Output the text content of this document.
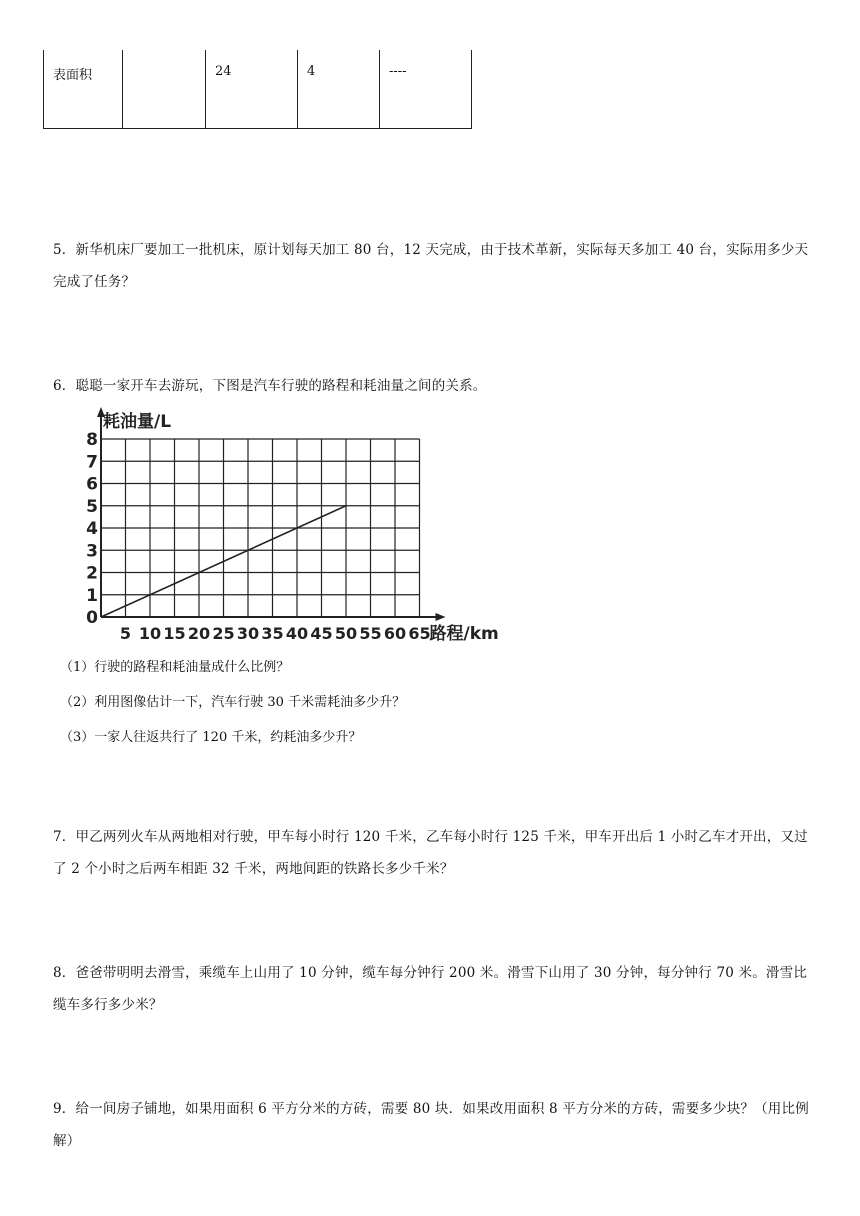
表面积		24	4	----
5．新华机床厂要加工一批机床，原计划每天加工 80 台，12 天完成，由于技术革新，实际每天多加工 40 台，实际用多少天完成了任务？
6．聪聪一家开车去游玩，下图是汽车行驶的路程和耗油量之间的关系。
0
1
2
3
4
5
6
7
8
5 10 15 20 25 30 35 40 45 50 55 60 65
耗油量/L
路程/km
（1）行驶的路程和耗油量成什么比例？
（2）利用图像估计一下，汽车行驶 30 千米需耗油多少升？
（3）一家人往返共行了 120 千米，约耗油多少升？
7．甲乙两列火车从两地相对行驶，甲车每小时行 120 千米，乙车每小时行 125 千米，甲车开出后 1 小时乙车才开出，又过了 2 个小时之后两车相距 32 千米，两地间距的铁路长多少千米？
8．爸爸带明明去滑雪，乘缆车上山用了 10 分钟，缆车每分钟行 200 米。滑雪下山用了 30 分钟，每分钟行 70 米。滑雪比缆车多行多少米？
9．给一间房子铺地，如果用面积 6 平方分米的方砖，需要 80 块．如果改用面积 8 平方分米的方砖，需要多少块？（用比例解）
